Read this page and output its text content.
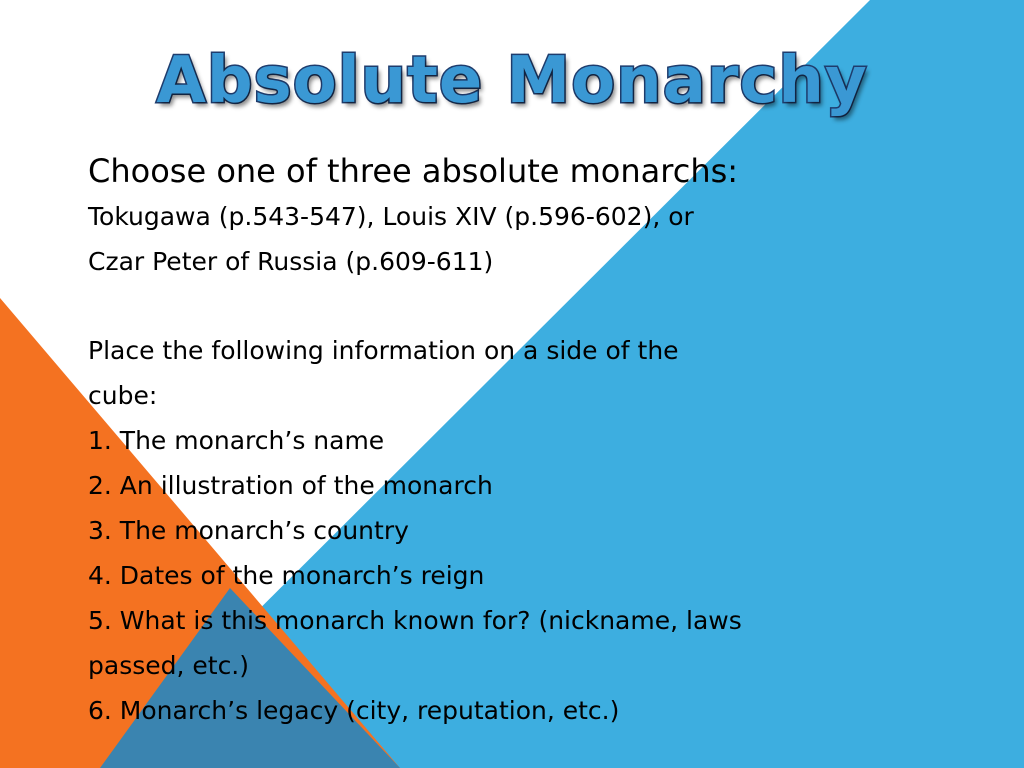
Absolute Monarchy
Choose one of three absolute monarchs:
Tokugawa (p.543-547), Louis XIV (p.596-602), or
Czar Peter of Russia (p.609-611)
Place the following information on a side of the
cube:
1. The monarch’s name
2. An illustration of the monarch
3. The monarch’s country
4. Dates of the monarch’s reign
5. What is this monarch known for? (nickname, laws
passed, etc.)
6. Monarch’s legacy (city, reputation, etc.)
